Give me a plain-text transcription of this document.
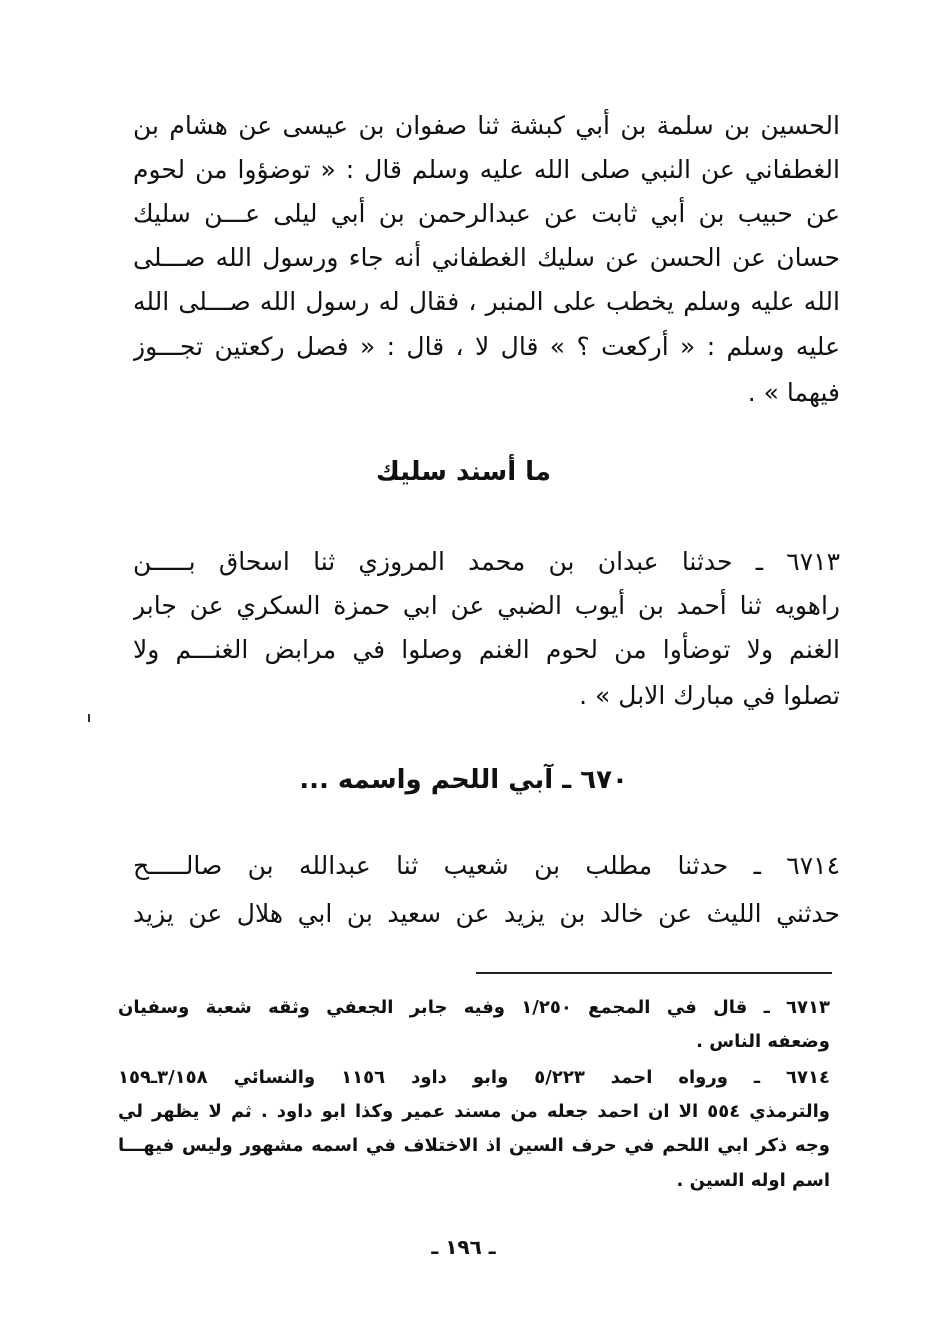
الحسين بن سلمة بن أبي كبشة ثنا صفوان بن عيسى عن هشام بن
الغطفاني عن النبي صلى الله عليه وسلم قال : « توضؤوا من لحوم
عن حبيب بن أبي ثابت عن عبدالرحمن بن أبي ليلى عـــن سليك
حسان عن الحسن عن سليك الغطفاني أنه جاء ورسول الله صـــلى
الله عليه وسلم يخطب على المنبر ، فقال له رسول الله صـــلى الله
عليه وسلم : « أركعت ؟ » قال لا ، قال : « فصل ركعتين تجـــوز
فيهما » .
ما أسند سليك
٦٧١٣ ـ حدثنا عبدان بن محمد المروزي ثنا اسحاق بـــــن
راهويه ثنا أحمد بن أيوب الضبي عن ابي حمزة السكري عن جابر
الغنم ولا توضأوا من لحوم الغنم وصلوا في مرابض الغنـــم ولا
تصلوا في مبارك الابل » .
٦٧٠ ـ آبي اللحم واسمه ...
٦٧١٤ ـ حدثنا مطلب بن شعيب ثنا عبدالله بن صالـــــح
حدثني الليث عن خالد بن يزيد عن سعيد بن ابي هلال عن يزيد
٦٧١٣ ـ قال في المجمع ١/٢٥٠ وفيه جابر الجعفي وثقه شعبة وسفيان
وضعفه الناس .
٦٧١٤ ـ ورواه احمد ٥/٢٢٣ وابو داود ١١٥٦ والنسائي ٣/١٥٨ـ١٥٩
والترمذي ٥٥٤ الا ان احمد جعله من مسند عمير وكذا ابو داود . ثم لا يظهر لي
وجه ذكر ابي اللحم في حرف السين اذ الاختلاف في اسمه مشهور وليس فيهـــا
اسم اوله السين .
ـ ١٩٦ ـ
